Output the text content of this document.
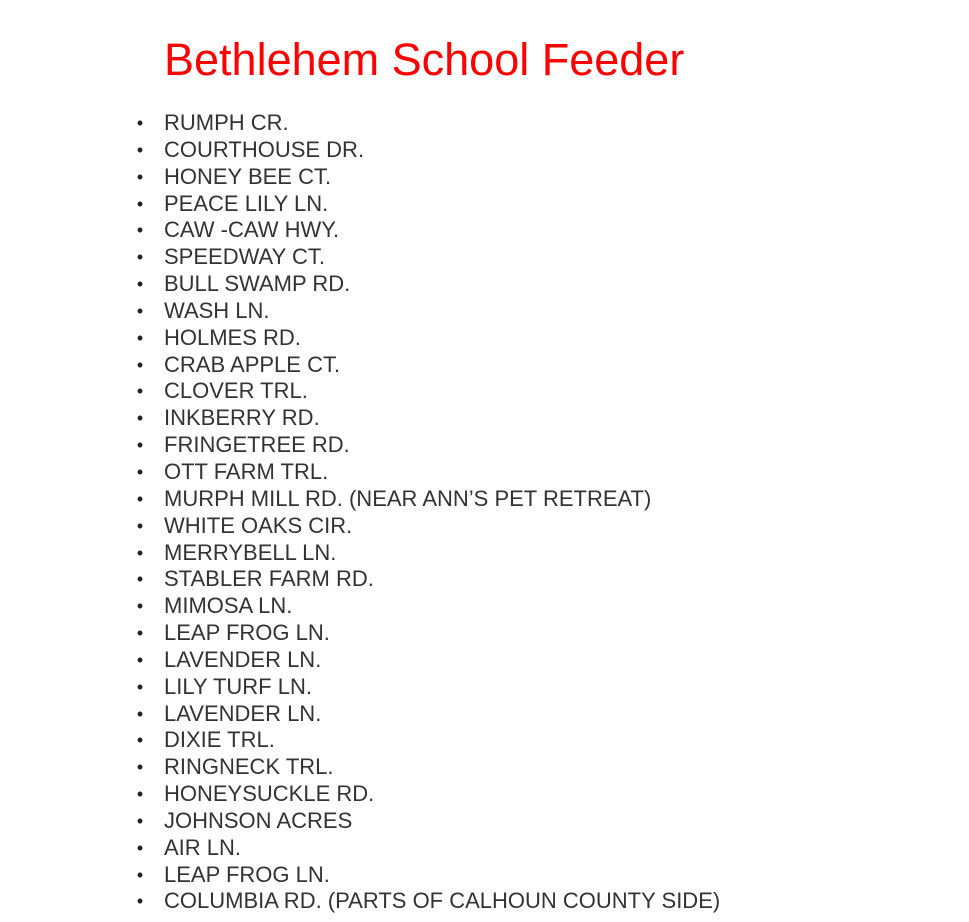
Bethlehem School Feeder
• RUMPH CR.
• COURTHOUSE DR.
• HONEY BEE CT.
• PEACE LILY LN.
• CAW -CAW HWY.
• SPEEDWAY CT.
• BULL SWAMP RD.
• WASH LN.
• HOLMES RD.
• CRAB APPLE CT.
• CLOVER TRL.
• INKBERRY RD.
• FRINGETREE RD.
• OTT FARM TRL.
• MURPH MILL RD. (NEAR ANN’S PET RETREAT)
• WHITE OAKS CIR.
• MERRYBELL LN.
• STABLER FARM RD.
• MIMOSA LN.
• LEAP FROG LN.
• LAVENDER LN.
• LILY TURF LN.
• LAVENDER LN.
• DIXIE TRL.
• RINGNECK TRL.
• HONEYSUCKLE RD.
• JOHNSON ACRES
• AIR LN.
• LEAP FROG LN.
• COLUMBIA RD. (PARTS OF CALHOUN COUNTY SIDE)
